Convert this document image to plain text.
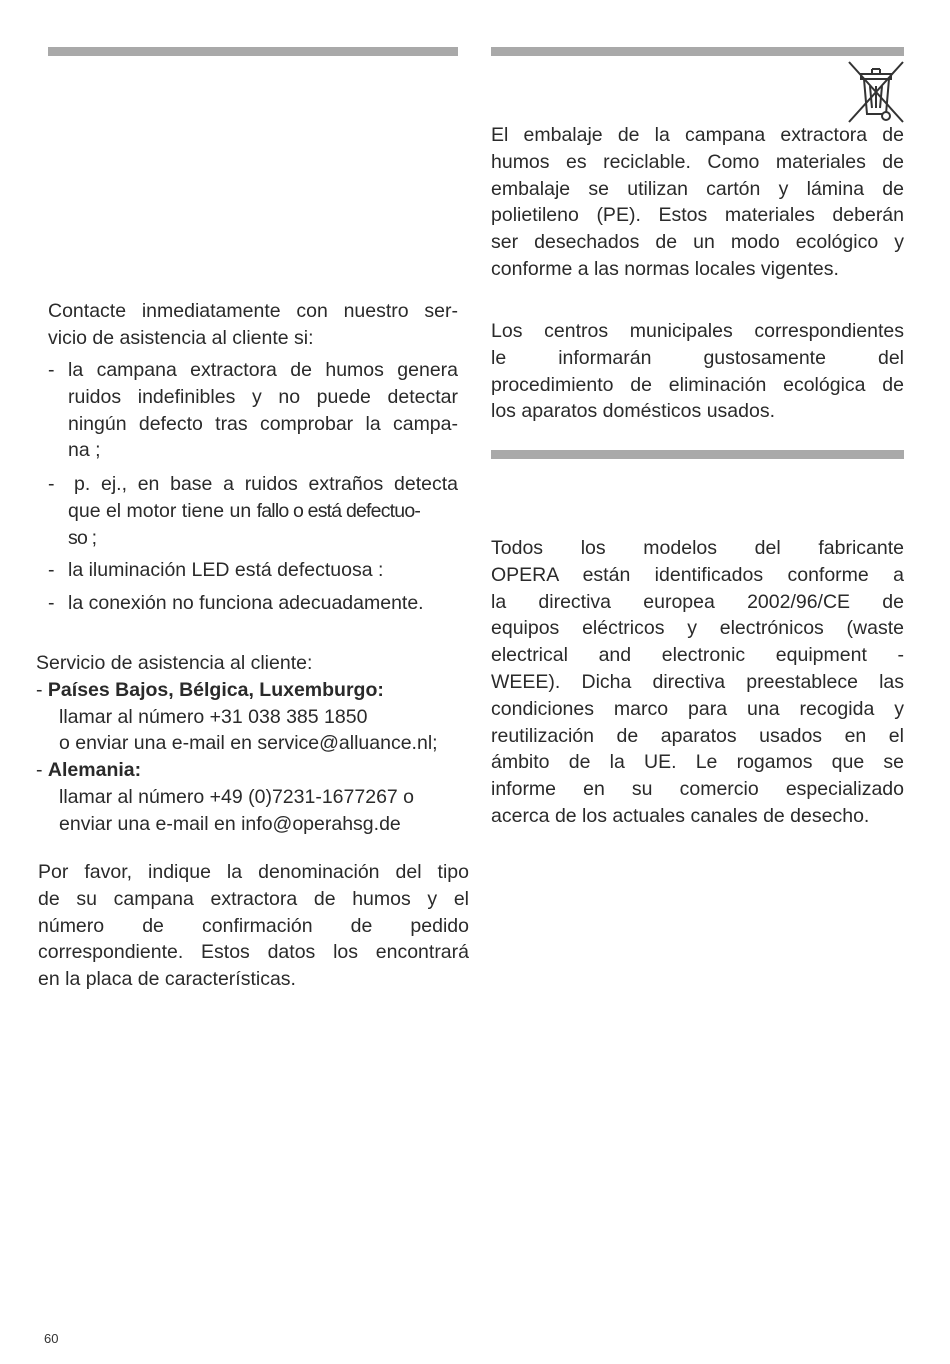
Contacte inmediatamente con nuestro ser-
vicio de asistencia al cliente si:
- la campana extractora de humos genera
ruidos indefinibles y no puede detectar
ningún defecto tras comprobar la campa-
na ;
-	p. ej., en base a ruidos extraños detecta
que el motor tiene un fallo o está defectuo-
so ;
- la iluminación LED está defectuosa :
- la conexión no funciona adecuadamente.
Servicio de asistencia al cliente:
- Países Bajos, Bélgica, Luxemburgo:
llamar al número +31 038 385 1850
o enviar una e-mail en service@alluance.nl;
- Alemania:
llamar al número +49 (0)7231-1677267 o
enviar una e-mail en info@operahsg.de
Por favor, indique la denominación del tipo
de su campana extractora de humos y el
número de confirmación de pedido
correspondiente. Estos datos los encontrará
en la placa de características.
El embalaje de la campana extractora de
humos es reciclable. Como materiales de
embalaje se utilizan cartón y lámina de
polietileno (PE). Estos materiales deberán
ser desechados de un modo ecológico y
conforme a las normas locales vigentes.
Los centros municipales correspondientes
le informarán gustosamente del
procedimiento de eliminación ecológica de
los aparatos domésticos usados.
Todos los modelos del fabricante
OPERA están identificados conforme a
la directiva europea 2002/96/CE de
equipos eléctricos y electrónicos (waste
electrical and electronic equipment -
WEEE). Dicha directiva preestablece las
condiciones marco para una recogida y
reutilización de aparatos usados en el
ámbito de la UE. Le rogamos que se
informe en su comercio especializado
acerca de los actuales canales de desecho.
60
